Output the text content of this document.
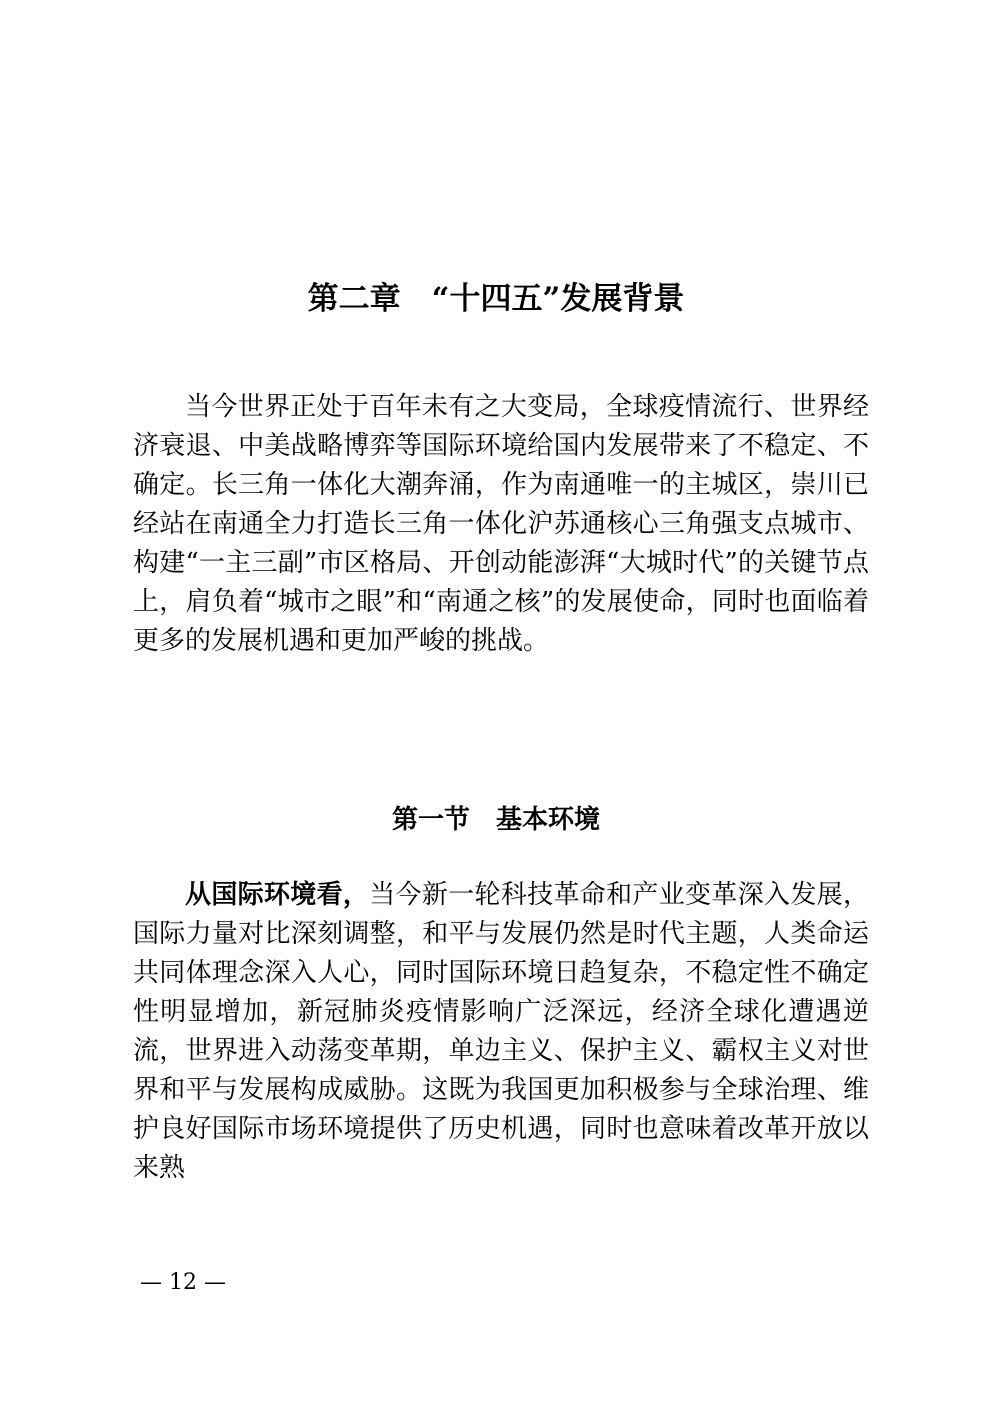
第二章　“十四五”发展背景

当今世界正处于百年未有之大变局，全球疫情流行、世界经济衰退、中美战略博弈等国际环境给国内发展带来了不稳定、不确定。长三角一体化大潮奔涌，作为南通唯一的主城区，崇川已经站在南通全力打造长三角一体化沪苏通核心三角强支点城市、构建“一主三副”市区格局、开创动能澎湃“大城时代”的关键节点上，肩负着“城市之眼”和“南通之核”的发展使命，同时也面临着更多的发展机遇和更加严峻的挑战。

第一节　基本环境

从国际环境看，当今新一轮科技革命和产业变革深入发展，国际力量对比深刻调整，和平与发展仍然是时代主题，人类命运共同体理念深入人心，同时国际环境日趋复杂，不稳定性不确定性明显增加，新冠肺炎疫情影响广泛深远，经济全球化遭遇逆流，世界进入动荡变革期，单边主义、保护主义、霸权主义对世界和平与发展构成威胁。这既为我国更加积极参与全球治理、维护良好国际市场环境提供了历史机遇，同时也意味着改革开放以来熟

— 12 —
